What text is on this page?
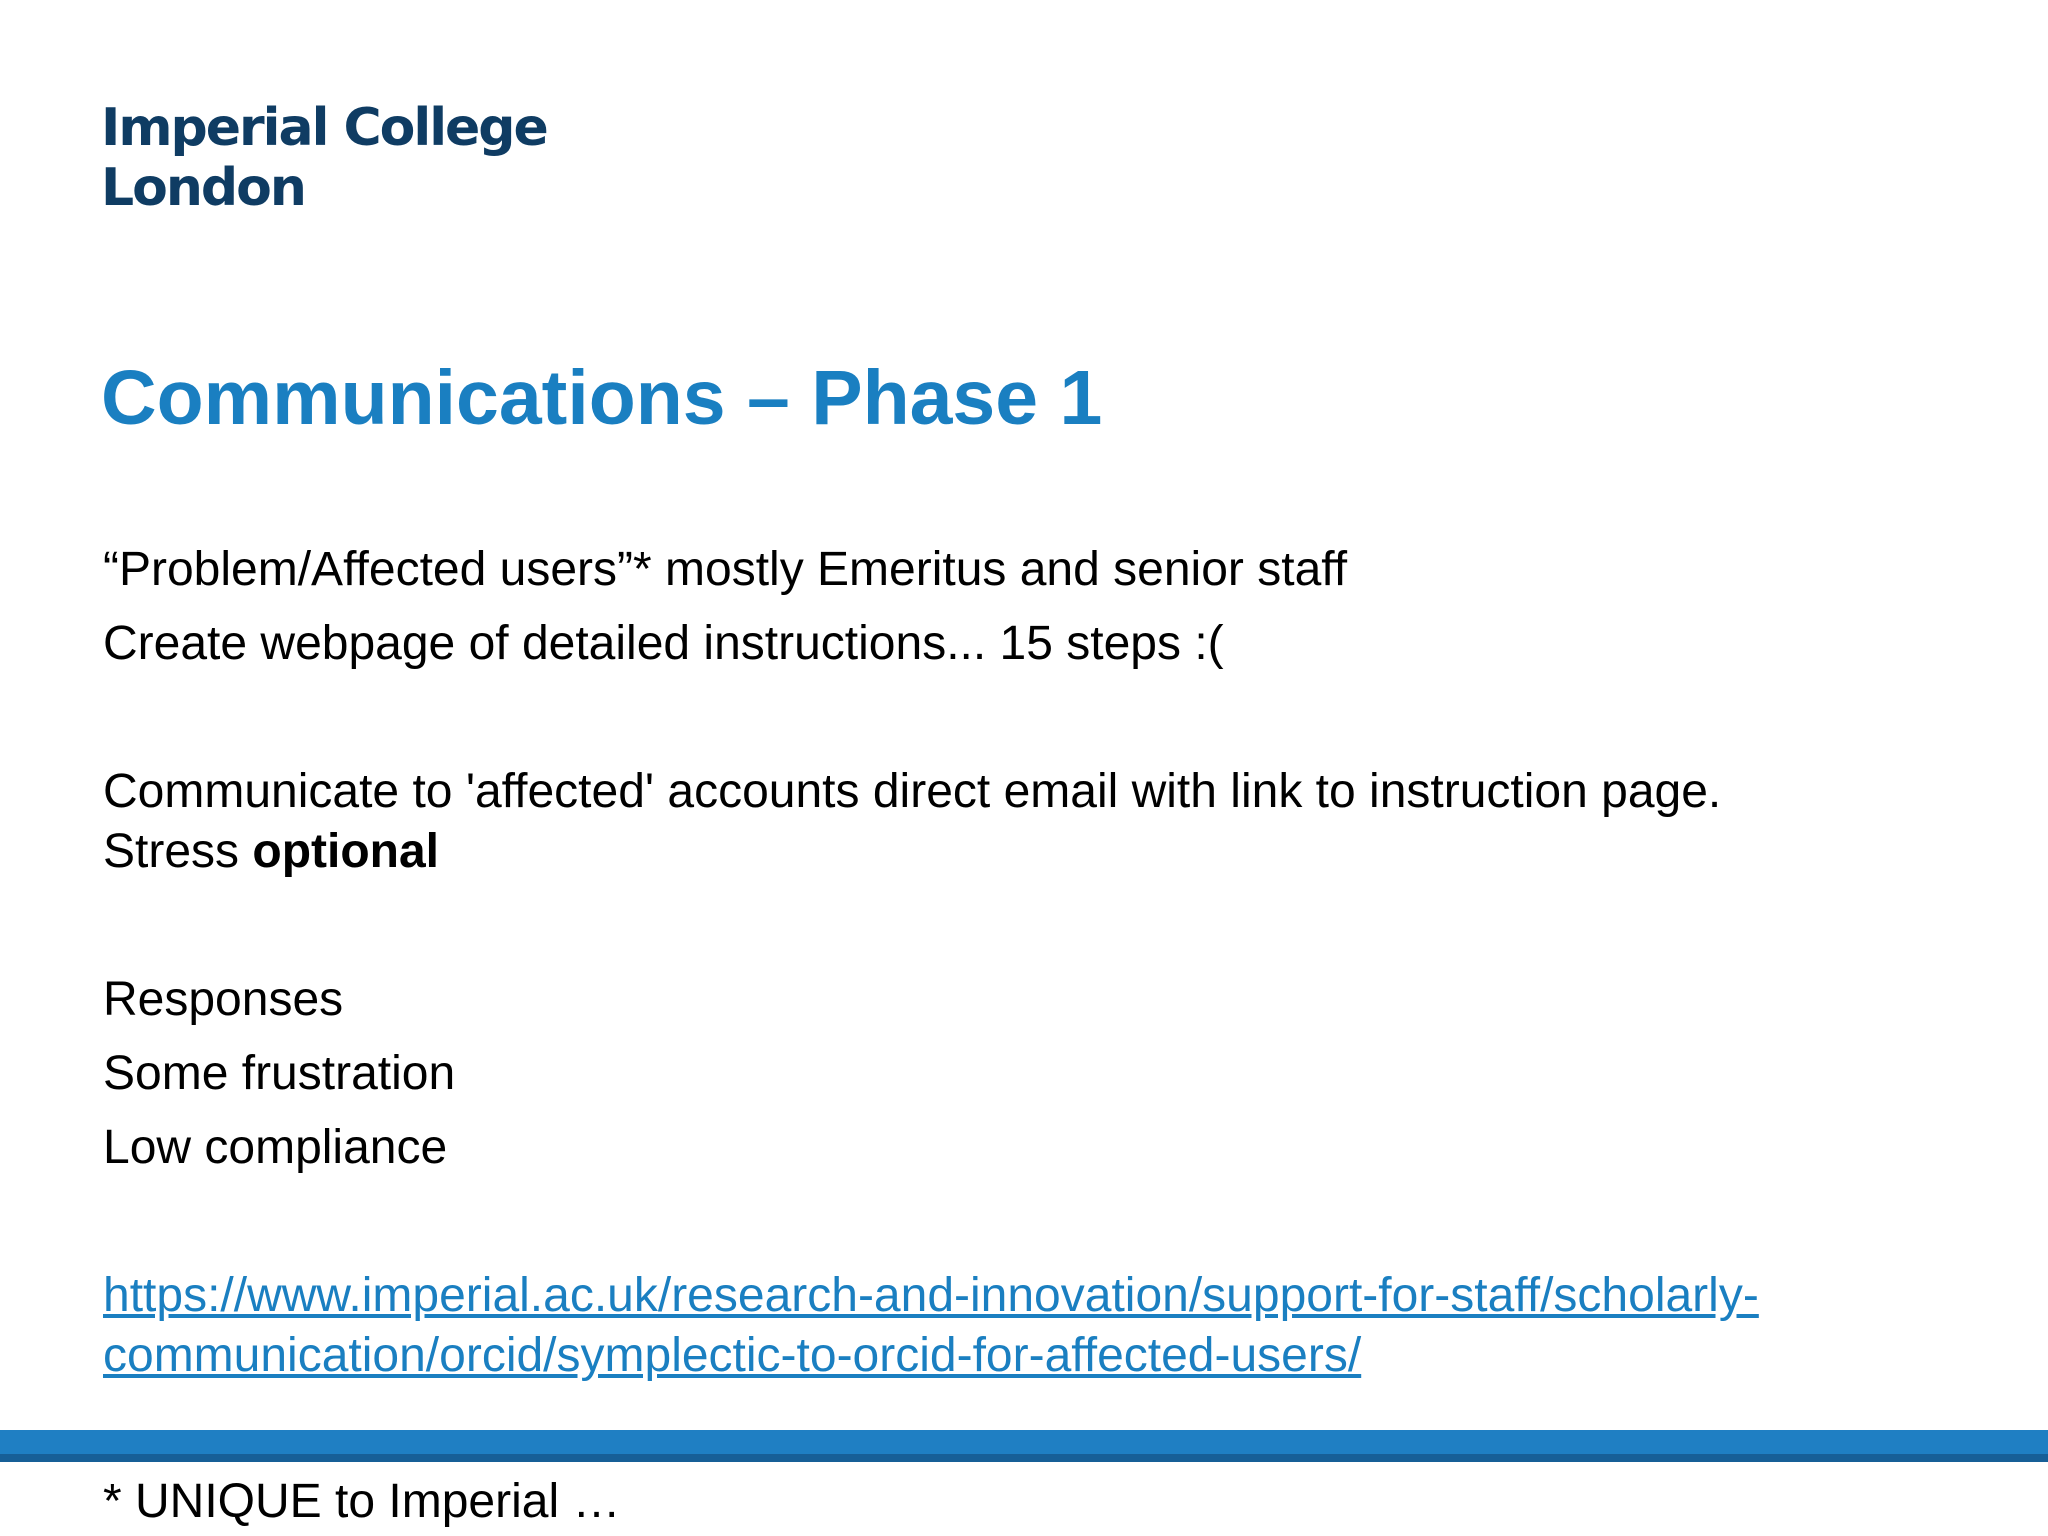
Imperial College
London
Communications – Phase 1
“Problem/Affected users”* mostly Emeritus and senior staff
Create webpage of detailed instructions... 15 steps :(
Communicate to 'affected' accounts direct email with link to instruction page.
Stress optional
Responses
Some frustration
Low compliance
https://www.imperial.ac.uk/research-and-innovation/support-for-staff/scholarly-
communication/orcid/symplectic-to-orcid-for-affected-users/
* UNIQUE to Imperial …
